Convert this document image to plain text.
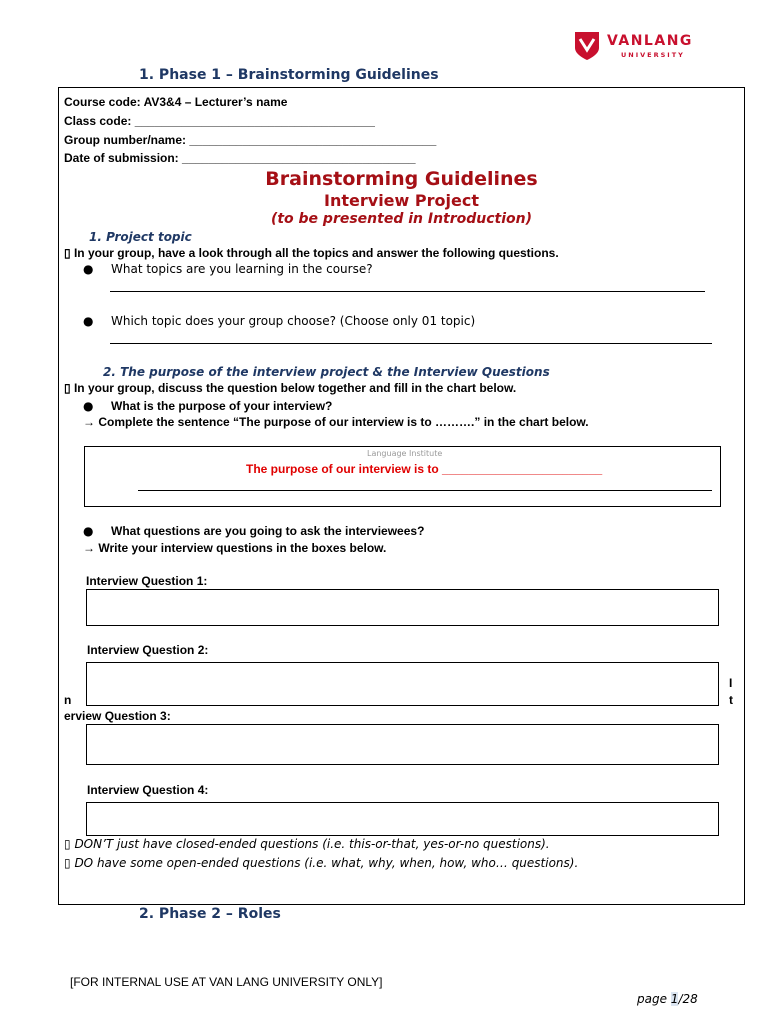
VANLANG
UNIVERSITY
1. Phase 1 – Brainstorming Guidelines
Course code: AV3&4 – Lecturer’s name
Class code: ____________________________________
Group number/name: _____________________________________
Date of submission: ___________________________________
Brainstorming Guidelines
Interview Project
(to be presented in Introduction)
1. Project topic
▯ In your group, have a look through all the topics and answer the following questions.
● What topics are you learning in the course?
● Which topic does your group choose? (Choose only 01 topic)
2. The purpose of the interview project & the Interview Questions
▯ In your group, discuss the question below together and fill in the chart below.
● What is the purpose of your interview?
→ Complete the sentence “The purpose of our interview is to ……….” in the chart below.
Language Institute
The purpose of our interview is to ________________________
● What questions are you going to ask the interviewees?
→ Write your interview questions in the boxes below.
Interview Question 1:
Interview Question 2:
I
n	t
erview Question 3:
Interview Question 4:
▯ DON’T just have closed-ended questions (i.e. this-or-that, yes-or-no questions).
▯ DO have some open-ended questions (i.e. what, why, when, how, who… questions).
2. Phase 2 – Roles
[FOR INTERNAL USE AT VAN LANG UNIVERSITY ONLY]
page 1/28
